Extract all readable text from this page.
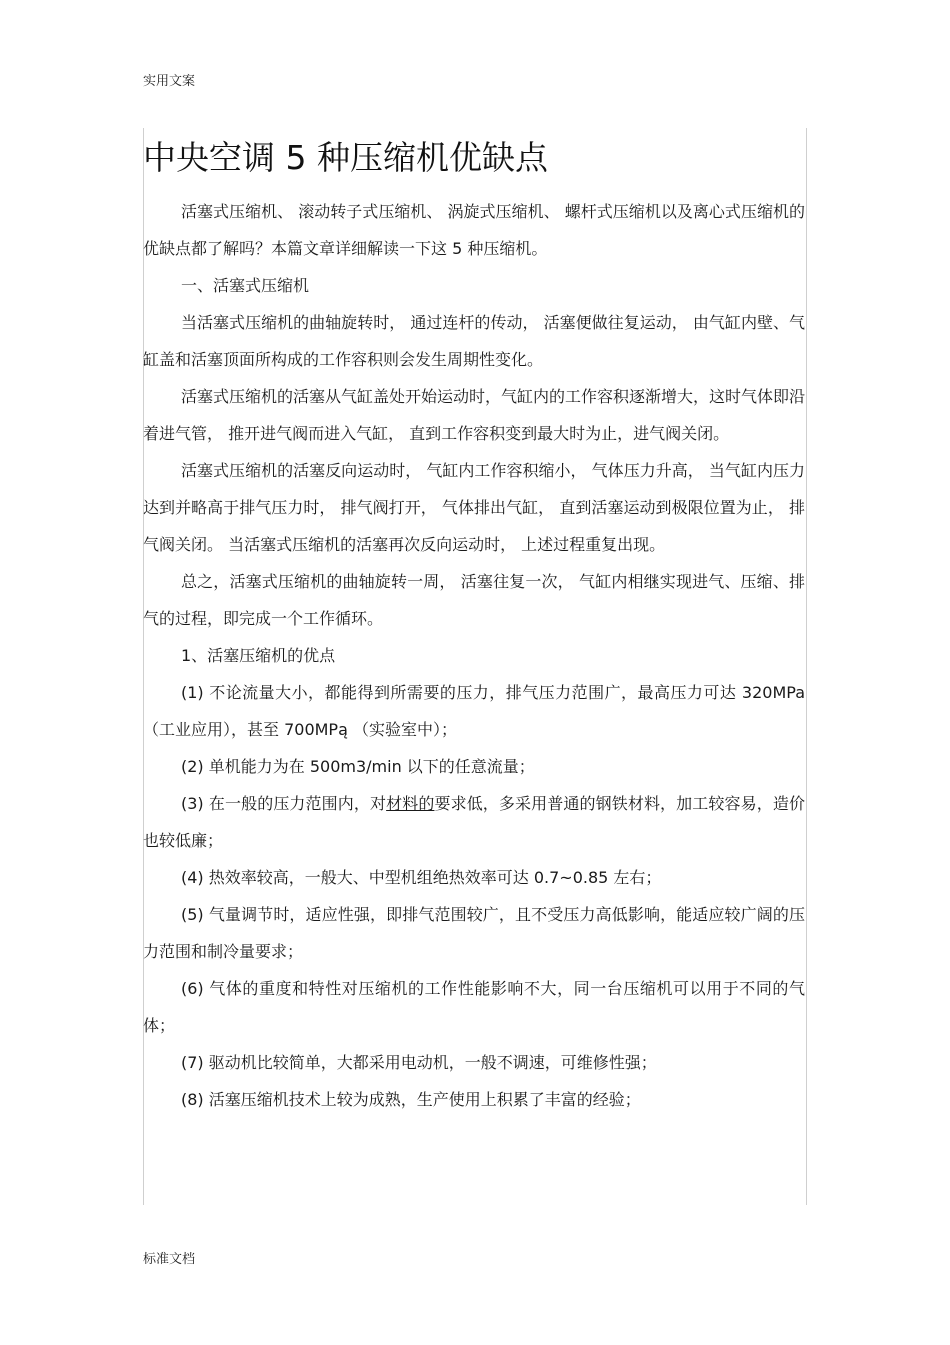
实用文案
中央空调 5 种压缩机优缺点

活塞式压缩机、 滚动转子式压缩机、 涡旋式压缩机、 螺杆式压缩机以及离心式压缩机的优缺点都了解吗？本篇文章详细解读一下这 5 种压缩机。

一、活塞式压缩机

当活塞式压缩机的曲轴旋转时， 通过连杆的传动， 活塞便做往复运动， 由气缸内壁、气缸盖和活塞顶面所构成的工作容积则会发生周期性变化。

活塞式压缩机的活塞从气缸盖处开始运动时，气缸内的工作容积逐渐增大，这时气体即沿着进气管， 推开进气阀而进入气缸， 直到工作容积变到最大时为止，进气阀关闭。

活塞式压缩机的活塞反向运动时， 气缸内工作容积缩小， 气体压力升高， 当气缸内压力达到并略高于排气压力时， 排气阀打开， 气体排出气缸， 直到活塞运动到极限位置为止， 排气阀关闭。 当活塞式压缩机的活塞再次反向运动时， 上述过程重复出现。

总之，活塞式压缩机的曲轴旋转一周， 活塞往复一次， 气缸内相继实现进气、压缩、排气的过程，即完成一个工作循环。

1、活塞压缩机的优点

(1) 不论流量大小，都能得到所需要的压力，排气压力范围广，最高压力可达 320MPa（工业应用），甚至 700MPą （实验室中）；

(2) 单机能力为在 500m3/min 以下的任意流量；

(3) 在一般的压力范围内，对材料的要求低，多采用普通的钢铁材料，加工较容易，造价也较低廉；

(4) 热效率较高，一般大、中型机组绝热效率可达 0.7~0.85 左右；

(5) 气量调节时，适应性强，即排气范围较广，且不受压力高低影响，能适应较广阔的压力范围和制冷量要求；

(6) 气体的重度和特性对压缩机的工作性能影响不大，同一台压缩机可以用于不同的气体；

(7) 驱动机比较简单，大都采用电动机，一般不调速，可维修性强；

(8) 活塞压缩机技术上较为成熟，生产使用上积累了丰富的经验；

标准文档
